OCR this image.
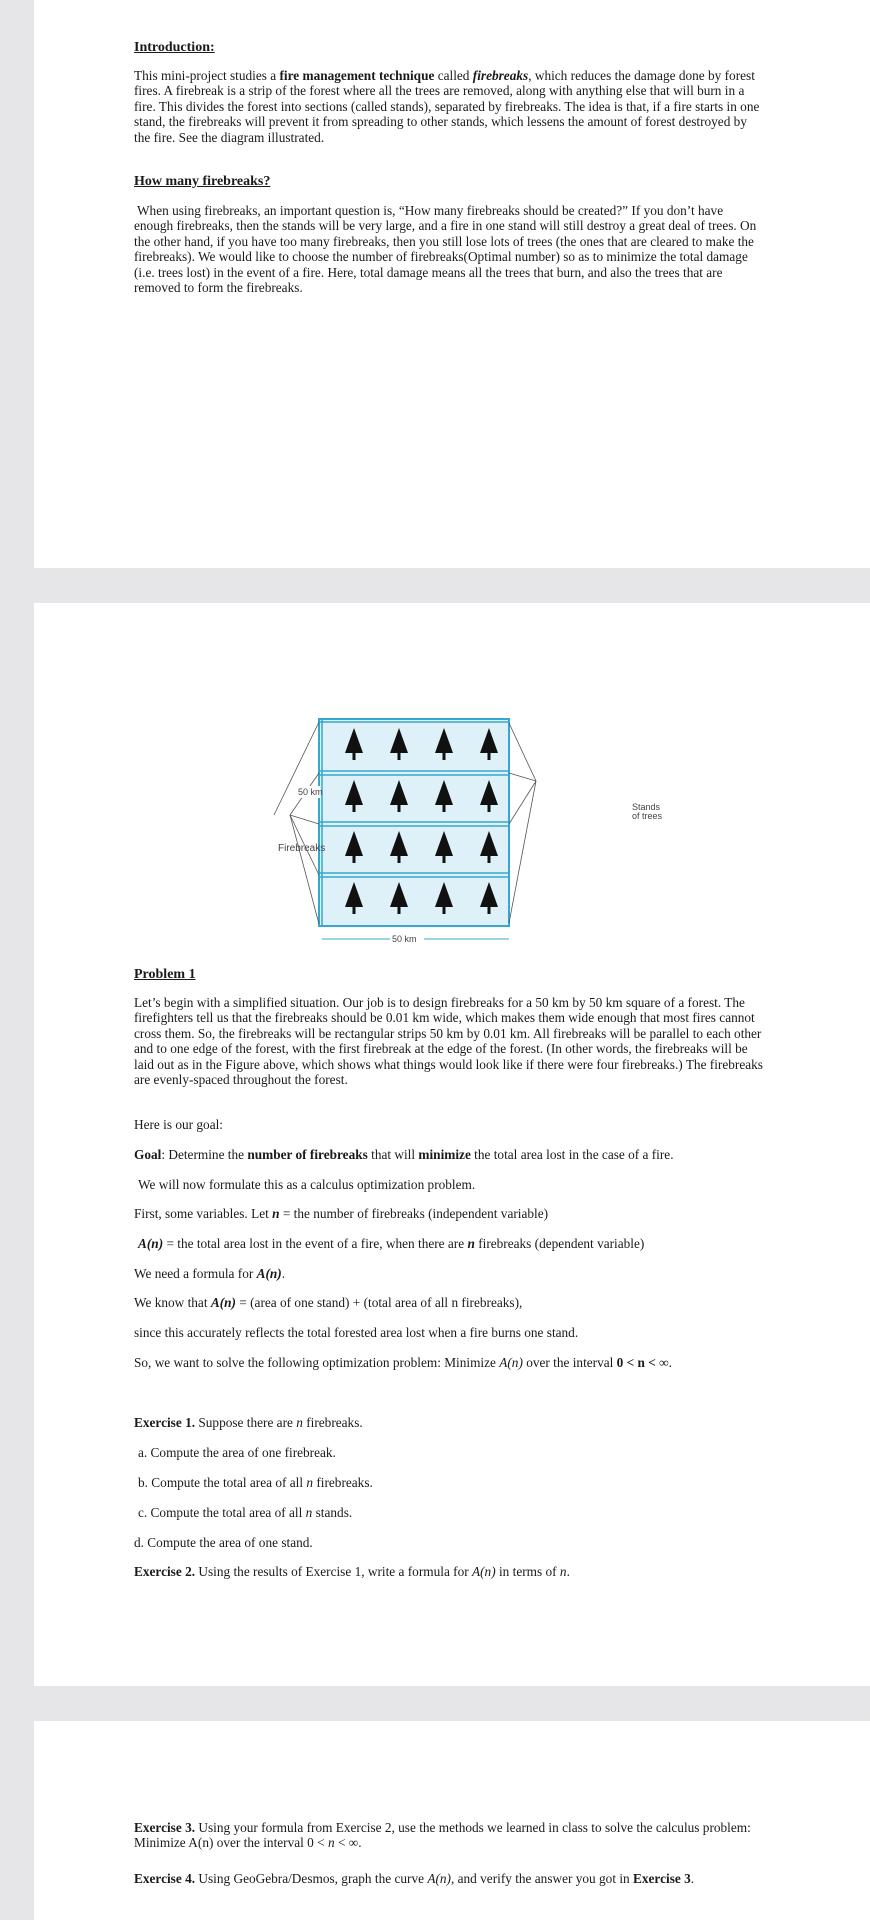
Introduction:

This mini-project studies a fire management technique called firebreaks, which reduces the damage done by forest fires. A firebreak is a strip of the forest where all the trees are removed, along with anything else that will burn in a fire. This divides the forest into sections (called stands), separated by firebreaks. The idea is that, if a fire starts in one stand, the firebreaks will prevent it from spreading to other stands, which lessens the amount of forest destroyed by the fire. See the diagram illustrated.

How many firebreaks?

When using firebreaks, an important question is, “How many firebreaks should be created?” If you don’t have enough firebreaks, then the stands will be very large, and a fire in one stand will still destroy a great deal of trees. On the other hand, if you have too many firebreaks, then you still lose lots of trees (the ones that are cleared to make the firebreaks). We would like to choose the number of firebreaks(Optimal number) so as to minimize the total damage (i.e. trees lost) in the event of a fire. Here, total damage means all the trees that burn, and also the trees that are removed to form the firebreaks.

50 km
50 km
Firebreaks
Stands
of trees
Problem 1

Let’s begin with a simplified situation. Our job is to design firebreaks for a 50 km by 50 km square of a forest. The firefighters tell us that the firebreaks should be 0.01 km wide, which makes them wide enough that most fires cannot cross them. So, the firebreaks will be rectangular strips 50 km by 0.01 km. All firebreaks will be parallel to each other and to one edge of the forest, with the first firebreak at the edge of the forest. (In other words, the firebreaks will be laid out as in the Figure above, which shows what things would look like if there were four firebreaks.) The firebreaks are evenly-spaced throughout the forest.

Here is our goal:

Goal: Determine the number of firebreaks that will minimize the total area lost in the case of a fire.

We will now formulate this as a calculus optimization problem.

First, some variables. Let n = the number of firebreaks (independent variable)

A(n) = the total area lost in the event of a fire, when there are n firebreaks (dependent variable)

We need a formula for A(n).

We know that A(n) = (area of one stand) + (total area of all n firebreaks),

since this accurately reflects the total forested area lost when a fire burns one stand.

So, we want to solve the following optimization problem: Minimize A(n) over the interval 0 < n < ∞.

Exercise 1. Suppose there are n firebreaks.

a. Compute the area of one firebreak.

b. Compute the total area of all n firebreaks.

c. Compute the total area of all n stands.

d. Compute the area of one stand.

Exercise 2. Using the results of Exercise 1, write a formula for A(n) in terms of n.

Exercise 3. Using your formula from Exercise 2, use the methods we learned in class to solve the calculus problem: Minimize A(n) over the interval 0 < n < ∞.

Exercise 4. Using GeoGebra/Desmos, graph the curve A(n), and verify the answer you got in Exercise 3.
